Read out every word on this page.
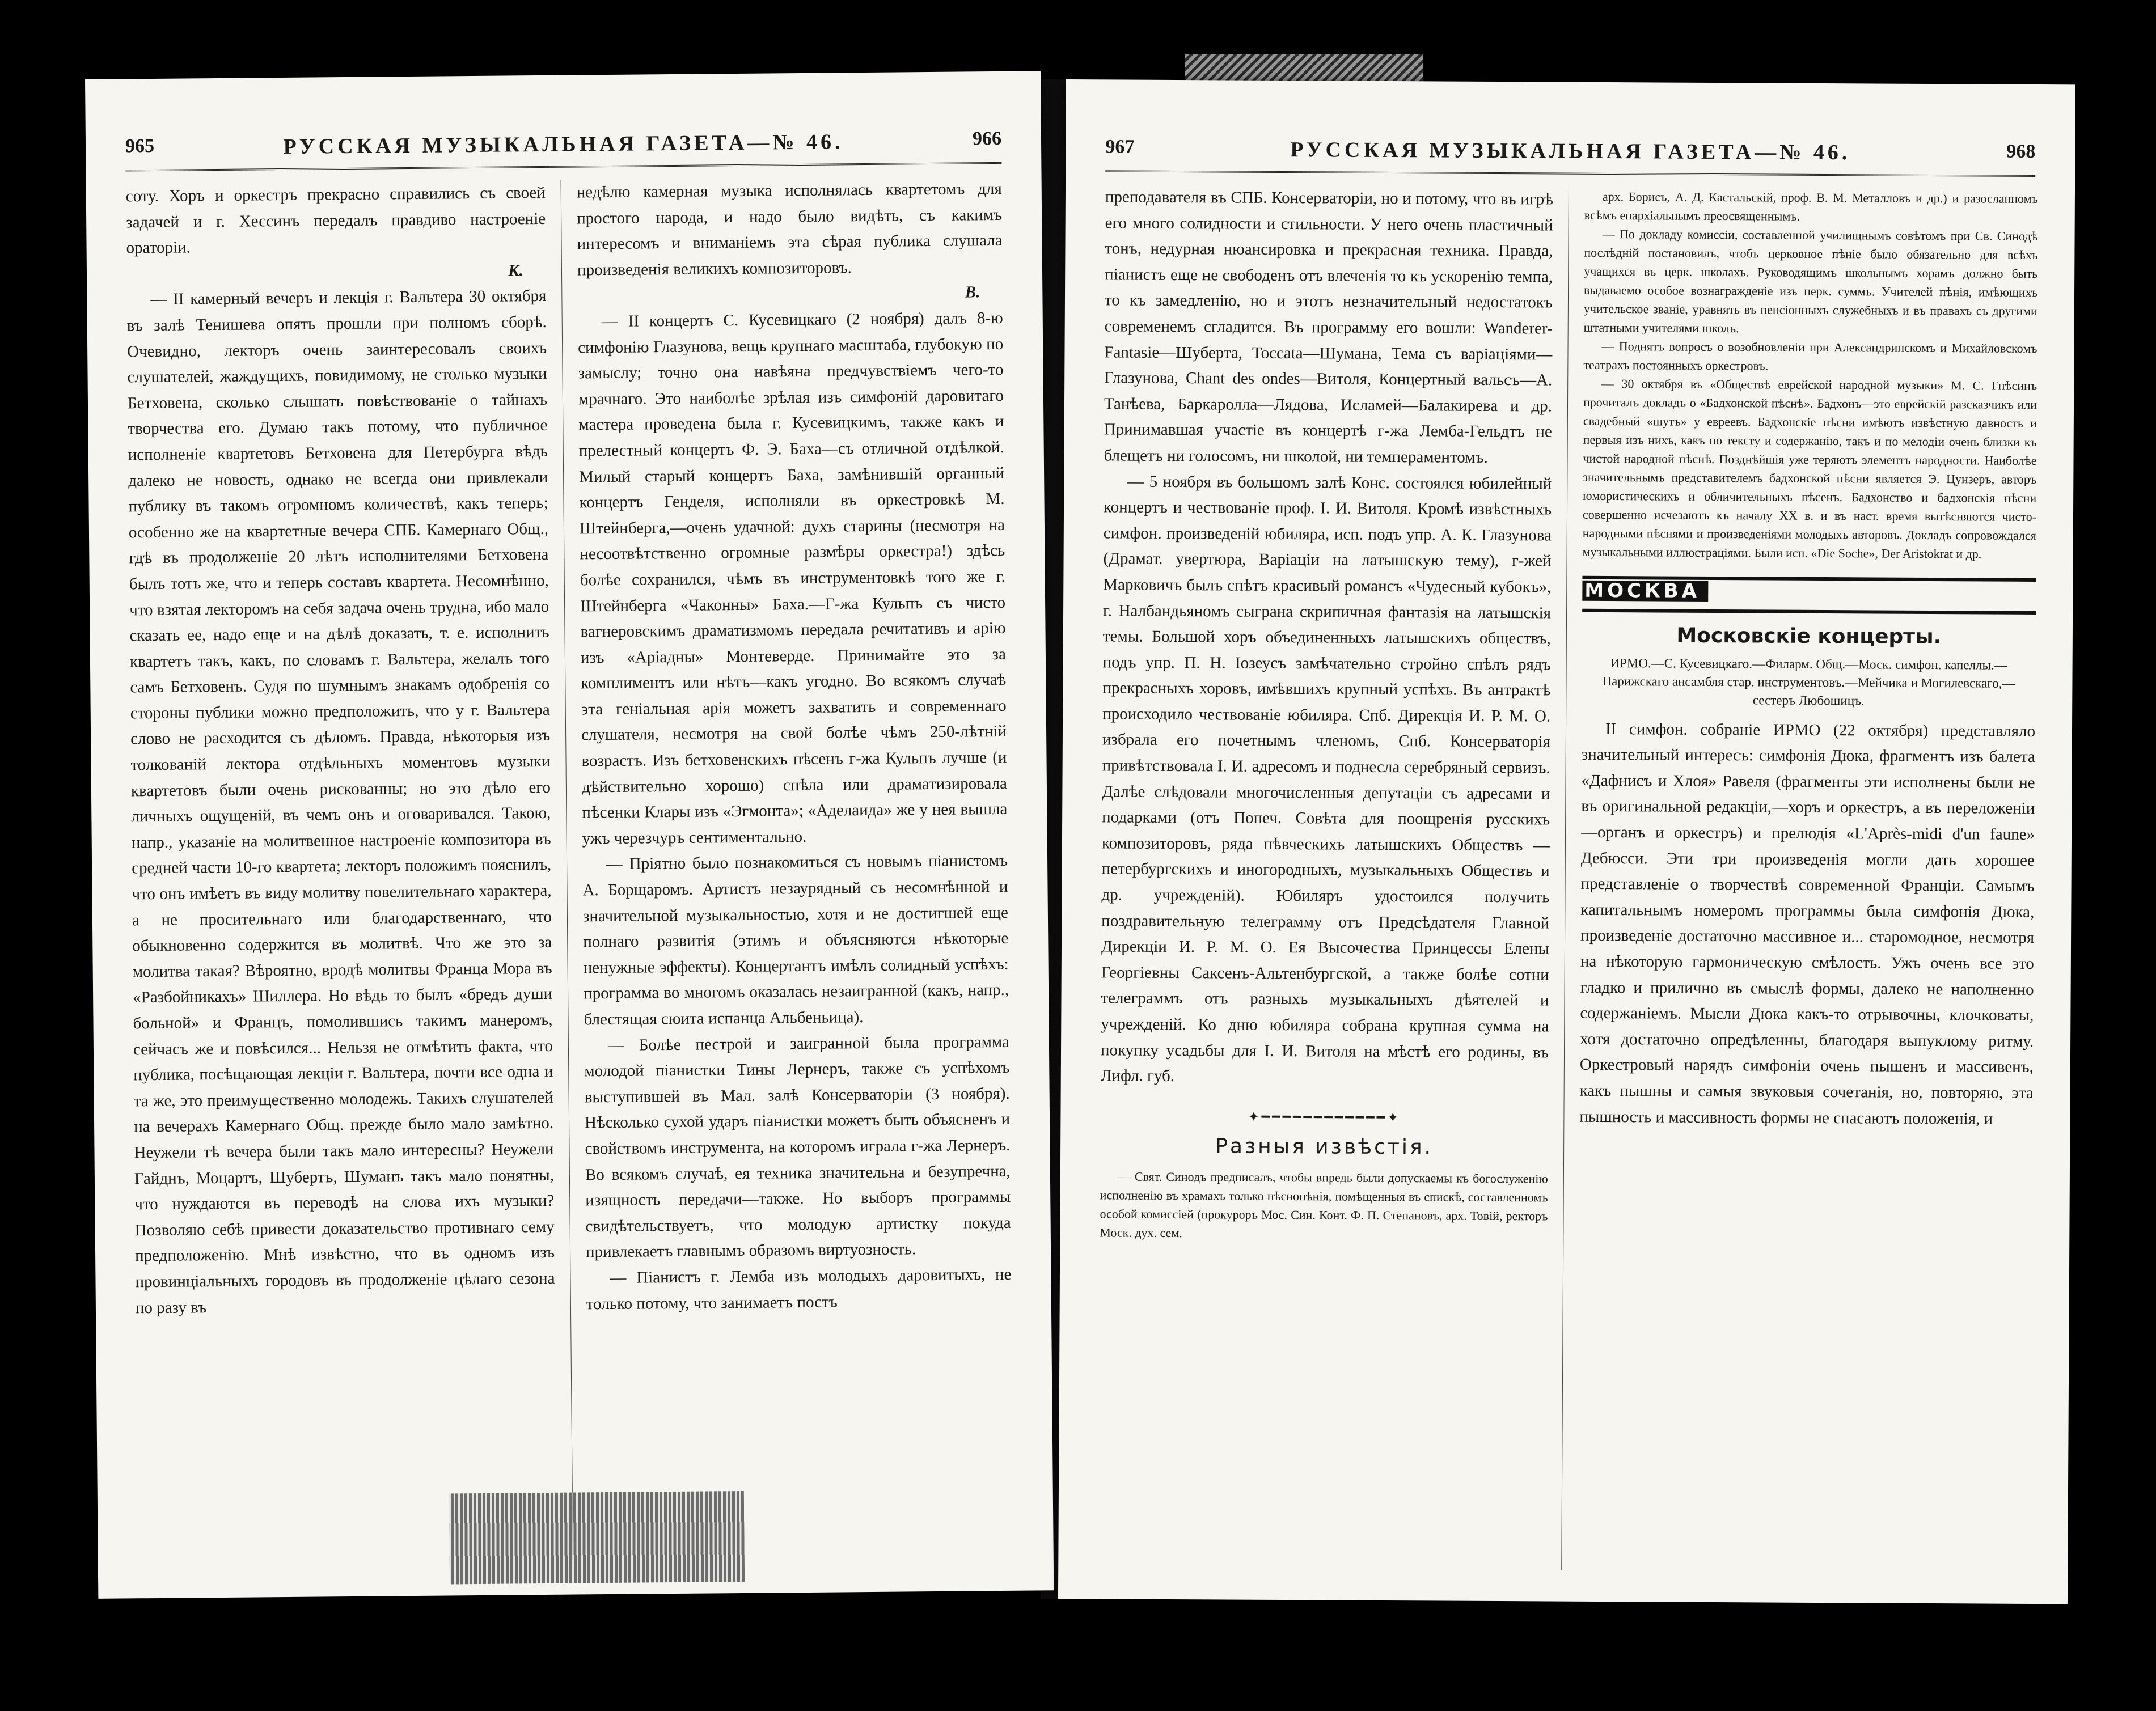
965	РУССКАЯ МУЗЫКАЛЬНАЯ ГАЗЕТА—№ 46.	966

соту. Хоръ и оркестръ прекрасно справились съ своей задачей и г. Хессинъ передалъ правдиво настроеніе ораторіи.

К.

— II камерный вечеръ и лекція г. Вальтера 30 октября въ залѣ Тенишева опять прошли при полномъ сборѣ. Очевидно, лекторъ очень заинтересовалъ своихъ слушателей, жаждущихъ, повидимому, не столько музыки Бетховена, сколько слышать повѣствованіе о тайнахъ творчества его. Думаю такъ потому, что публичное исполненіе квартетовъ Бетховена для Петербурга вѣдь далеко не новость, однако не всегда они привлекали публику въ такомъ огромномъ количествѣ, какъ теперь; особенно же на квартетные вечера СПБ. Камернаго Общ., гдѣ въ продолженіе 20 лѣтъ исполнителями Бетховена былъ тотъ же, что и теперь составъ квартета. Несомнѣнно, что взятая лекторомъ на себя задача очень трудна, ибо мало сказать ее, надо еще и на дѣлѣ доказать, т. е. исполнить квартетъ такъ, какъ, по словамъ г. Вальтера, желалъ того самъ Бетховенъ. Судя по шумнымъ знакамъ одобренія со стороны публики можно предположить, что у г. Вальтера слово не расходится съ дѣломъ. Правда, нѣкоторыя изъ толкованій лектора отдѣльныхъ моментовъ музыки квартетовъ были очень рискованны; но это дѣло его личныхъ ощущеній, въ чемъ онъ и оговаривался. Такою, напр., указаніе на молитвенное настроеніе композитора въ средней части 10-го квартета; лекторъ положимъ пояснилъ, что онъ имѣетъ въ виду молитву повелительнаго характера, а не просительнаго или благодарственнаго, что обыкновенно содержится въ молитвѣ. Что же это за молитва такая? Вѣроятно, вродѣ молитвы Франца Мора въ «Разбойникахъ» Шиллера. Но вѣдь то былъ «бредъ души больной» и Францъ, помолившись такимъ манеромъ, сейчасъ же и повѣсился... Нельзя не отмѣтить факта, что публика, посѣщающая лекціи г. Вальтера, почти все одна и та же, это преимущественно молодежь. Такихъ слушателей на вечерахъ Камернаго Общ. прежде было мало замѣтно. Неужели тѣ вечера были такъ мало интересны? Неужели Гайднъ, Моцартъ, Шубертъ, Шуманъ такъ мало понятны, что нуждаются въ переводѣ на слова ихъ музыки? Позволяю себѣ привести доказательство противнаго сему предположенію. Мнѣ извѣстно, что въ одномъ изъ провинціальныхъ городовъ въ продолженіе цѣлаго сезона по разу въ

недѣлю камерная музыка исполнялась квартетомъ для простого народа, и надо было видѣть, съ какимъ интересомъ и вниманіемъ эта сѣрая публика слушала произведенія великихъ композиторовъ.

В.

— II концертъ С. Кусевицкаго (2 ноября) далъ 8-ю симфонію Глазунова, вещь крупнаго масштаба, глубокую по замыслу; точно она навѣяна предчувствіемъ чего-то мрачнаго. Это наиболѣе зрѣлая изъ симфоній даровитаго мастера проведена была г. Кусевицкимъ, также какъ и прелестный концертъ Ф. Э. Баха—съ отличной отдѣлкой. Милый старый концертъ Баха, замѣнившій органный концертъ Генделя, исполняли въ оркестровкѣ М. Штейнберга,—очень удачной: духъ старины (несмотря на несоотвѣтственно огромные размѣры оркестра!) здѣсь болѣе сохранился, чѣмъ въ инструментовкѣ того же г. Штейнберга «Чаконны» Баха.—Г-жа Кульпъ съ чисто вагнеровскимъ драматизмомъ передала речитативъ и арію изъ «Аріадны» Монтеверде. Принимайте это за комплиментъ или нѣтъ—какъ угодно. Во всякомъ случаѣ эта геніальная арія можетъ захватить и современнаго слушателя, несмотря на свой болѣе чѣмъ 250-лѣтній возрастъ. Изъ бетховенскихъ пѣсенъ г-жа Кульпъ лучше (и дѣйствительно хорошо) спѣла или драматизировала пѣсенки Клары изъ «Эгмонта»; «Аделаида» же у нея вышла ужъ черезчуръ сентиментально.

— Пріятно было познакомиться съ новымъ піанистомъ А. Борщаромъ. Артистъ незаурядный съ несомнѣнной и значительной музыкальностью, хотя и не достигшей еще полнаго развитія (этимъ и объясняются нѣкоторые ненужные эффекты). Концертантъ имѣлъ солидный успѣхъ: программа во многомъ оказалась незаигранной (какъ, напр., блестящая сюита испанца Альбеньица).

— Болѣе пестрой и заигранной была программа молодой піанистки Тины Лернеръ, также съ успѣхомъ выступившей въ Мал. залѣ Консерваторіи (3 ноября). Нѣсколько сухой ударъ піанистки можетъ быть объясненъ и свойствомъ инструмента, на которомъ играла г-жа Лернеръ. Во всякомъ случаѣ, ея техника значительна и безупречна, изящность передачи—также. Но выборъ программы свидѣтельствуетъ, что молодую артистку покуда привлекаетъ главнымъ образомъ виртуозность.

— Піанистъ г. Лемба изъ молодыхъ даровитыхъ, не только потому, что занимаетъ постъ

967	РУССКАЯ МУЗЫКАЛЬНАЯ ГАЗЕТА—№ 46.	968

преподавателя въ СПБ. Консерваторіи, но и потому, что въ игрѣ его много солидности и стильности. У него очень пластичный тонъ, недурная нюансировка и прекрасная техника. Правда, піанистъ еще не свободенъ отъ влеченія то къ ускоренію темпа, то къ замедленію, но и этотъ незначительный недостатокъ современемъ сгладится. Въ программу его вошли: Wanderer-Fantasie—Шуберта, Toccata—Шумана, Тема съ варіаціями—Глазунова, Chant des ondes—Витоля, Концертный вальсъ—А. Танѣева, Баркаролла—Лядова, Исламей—Балакирева и др. Принимавшая участіе въ концертѣ г-жа Лемба-Гельдтъ не блещетъ ни голосомъ, ни школой, ни темпераментомъ.

— 5 ноября въ большомъ залѣ Конс. состоялся юбилейный концертъ и чествованіе проф. I. И. Витоля. Кромѣ извѣстныхъ симфон. произведеній юбиляра, исп. подъ упр. А. К. Глазунова (Драмат. увертюра, Варіаціи на латышскую тему), г-жей Марковичъ былъ спѣтъ красивый романсъ «Чудесный кубокъ», г. Налбандьяномъ сыграна скрипичная фантазія на латышскія темы. Большой хоръ объединенныхъ латышскихъ обществъ, подъ упр. П. Н. Іозеусъ замѣчательно стройно спѣлъ рядъ прекрасныхъ хоровъ, имѣвшихъ крупный успѣхъ. Въ антрактѣ происходило чествованіе юбиляра. Спб. Дирекція И. Р. М. О. избрала его почетнымъ членомъ, Спб. Консерваторія привѣтствовала I. И. адресомъ и поднесла серебряный сервизъ. Далѣе слѣдовали многочисленныя депутаціи съ адресами и подарками (отъ Попеч. Совѣта для поощренія русскихъ композиторовъ, ряда пѣвческихъ латышскихъ Обществъ — петербургскихъ и иногородныхъ, музыкальныхъ Обществъ и др. учрежденій). Юбиляръ удостоился получить поздравительную телеграмму отъ Предсѣдателя Главной Дирекціи И. Р. М. О. Ея Высочества Принцессы Елены Георгіевны Саксенъ-Альтенбургской, а также болѣе сотни телеграммъ отъ разныхъ музыкальныхъ дѣятелей и учрежденій. Ко дню юбиляра собрана крупная сумма на покупку усадьбы для I. И. Витоля на мѣстѣ его родины, въ Лифл. губ.

✦━━━━━━━━━━━━✦
Разныя извѣстія.

— Свят. Синодъ предписалъ, чтобы впредь были допускаемы къ богослуженію исполненію въ храмахъ только пѣснопѣнія, помѣщенныя въ спискѣ, составленномъ особой комиссіей (прокуроръ Мос. Син. Конт. Ф. П. Степановъ, арх. Товій, ректоръ Моск. дух. сем.

арх. Борисъ, А. Д. Кастальскій, проф. В. М. Металловъ и др.) и разосланномъ всѣмъ епархіальнымъ преосвященнымъ.

— По докладу комиссіи, составленной училищнымъ совѣтомъ при Св. Синодѣ послѣдній постановилъ, чтобъ церковное пѣніе было обязательно для всѣхъ учащихся въ церк. школахъ. Руководящимъ школьнымъ хорамъ должно быть выдаваемо особое вознагражденіе изъ перк. суммъ. Учителей пѣнія, имѣющихъ учительское званіе, уравнять въ пенсіонныхъ служебныхъ и въ правахъ съ другими штатными учителями школъ.

— Поднятъ вопросъ о возобновленіи при Александринскомъ и Михайловскомъ театрахъ постоянныхъ оркестровъ.

— 30 октября въ «Обществѣ еврейской народной музыки» М. С. Гнѣсинъ прочиталъ докладъ о «Бадхонской пѣснѣ». Бадхонъ—это еврейскій разсказчикъ или свадебный «шутъ» у евреевъ. Бадхонскіе пѣсни имѣютъ извѣстную давность и первыя изъ нихъ, какъ по тексту и содержанію, такъ и по мелодіи очень близки къ чистой народной пѣснѣ. Позднѣйшія уже теряютъ элементъ народности. Наиболѣе значительнымъ представителемъ бадхонской пѣсни является Э. Цунзеръ, авторъ юмористическихъ и обличительныхъ пѣсенъ. Бадхонство и бадхонскія пѣсни совершенно исчезаютъ къ началу XX в. и въ наст. время вытѣсняются чисто-народными пѣснями и произведеніями молодыхъ авторовъ. Докладъ сопровождался музыкальными иллюстраціями. Были исп. «Die Soche», Der Aristokrat и др.

МОСКВА
Московскіе концерты.
ИРМО.—С. Кусевицкаго.—Филарм. Общ.—Моск. симфон. капеллы.—Парижскаго ансамбля стар. инструментовъ.—Мейчика и Могилевскаго,—сестеръ Любошицъ.

II симфон. собраніе ИРМО (22 октября) представляло значительный интересъ: симфонія Дюка, фрагментъ изъ балета «Дафнисъ и Хлоя» Равеля (фрагменты эти исполнены были не въ оригинальной редакціи,—хоръ и оркестръ, а въ переложеніи—органъ и оркестръ) и прелюдія «L'Après-midi d'un faune» Дебюсси. Эти три произведенія могли дать хорошее представленіе о творчествѣ современной Франціи. Самымъ капитальнымъ номеромъ программы была симфонія Дюка, произведеніе достаточно массивное и... старомодное, несмотря на нѣкоторую гармоническую смѣлость. Ужъ очень все это гладко и прилично въ смыслѣ формы, далеко не наполненно содержаніемъ. Мысли Дюка какъ-то отрывочны, клочковаты, хотя достаточно опредѣленны, благодаря выпуклому ритму. Оркестровый нарядъ симфоніи очень пышенъ и массивенъ, какъ пышны и самыя звуковыя сочетанія, но, повторяю, эта пышность и массивность формы не спасаютъ положенія, и
